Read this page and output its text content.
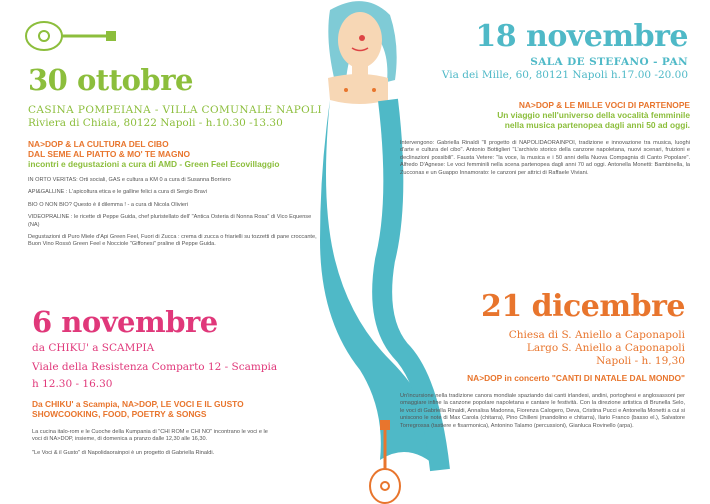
30 ottobre
CASINA POMPEIANA - VILLA COMUNALE NAPOLI
Riviera di Chiaia, 80122 Napoli - h.10.30 -13.30
NA>DOP & LA CULTURA DEL CIBO
DAL SEME AL PIATTO & MO' TE MAGNO
incontri e degustazioni a cura di AMD - Green Feel Ecovillaggio

IN ORTO VERITAS: Orti sociali, GAS e cultura a KM 0 a cura di Susanna Borriero

API&GALLINE : L'apicoltura etica e le galline felici a cura di Sergio Bravi

BIO O NON BIO? Questo è il dilemma ! - a cura di Nicola Olivieri

VIDEOPRALINE : le ricette di Peppe Guida, chef pluristellato dell' "Antica Osteria di Nonna Rosa" di Vico Equense (NA)

Degustazioni di Puro Miele d'Api Green Feel, Fuori di Zucca : crema di zucca o friarielli su tozzetti di pane croccante, Buon Vino Rossò Green Feel e Nocciole "Giffonesi" praline di Peppe Guida.

18 novembre
SALA DE STEFANO - PAN
Via dei Mille, 60, 80121 Napoli h.17.00 -20.00
NA>DOP & LE MILLE VOCI DI PARTENOPE
Un viaggio nell'universo della vocalità femminile
nella musica partenopea dagli anni 50 ad oggi.
Intervengono: Gabriella Rinaldi "Il progetto di NAPOLIDAORAINPOI, tradizione e innovazione tra musica, luoghi d'arte e cultura del cibo". Antonio Bottiglieri "L'archivio storico della canzone napoletana, nuovi scenari, fruizioni e declinazioni possibili". Fausta Vetere: "la voce, la musica e i 50 anni della Nuova Compagnia di Canto Popolare". Alfredo D'Agnese: Le voci femminili nella scena partenopea dagli anni 70 ad oggi. Antonella Monetti: Bambinella, la Zucconas e un Guappo Innamorato: le canzoni per attrici di Raffaele Viviani.
6 novembre
da CHIKU' a SCAMPIA
Viale della Resistenza Comparto 12 - Scampia
h 12.30 - 16.30
Da CHIKU' a Scampia, NA>DOP, LE VOCI E IL GUSTO
SHOWCOOKING, FOOD, POETRY & SONGS

La cucina italo-rom e le Cuoche della Kumpania di "CHI ROM e CHI NO" incontrano le voci e le voci di NA>DOP, insieme, di domenica a pranzo dalle 12,30 alle 16,30.

"Le Voci & il Gusto" di Napolidaorainpoi è un progetto di Gabriella Rinaldi.

21 dicembre
Chiesa di S. Aniello a Caponapoli
Largo S. Aniello a Caponapoli
Napoli - h. 19,30
NA>DOP in concerto "CANTI DI NATALE DAL MONDO"
Un'incursione nella tradizione canora mondiale spaziando dai canti irlandesi, andini, portoghesi e anglosassoni per omaggiare infine la canzone popolare napoletana e cantare le festività. Con la direzione artistica di Brunella Selo, le voci di Gabriella Rinaldi, Annalisa Madonna, Fiorenza Calogero, Deva, Cristina Pucci e Antonella Monetti a cui si uniscono le note di Max Carola (chitarra), Pino Chilleni (mandolino e chitarra), Ilario Franco (basso el.), Salvatore Torregrossa (tastiere e fisarmonica), Antonino Talamo (percussioni), Gianluca Rovinello (arpa).
